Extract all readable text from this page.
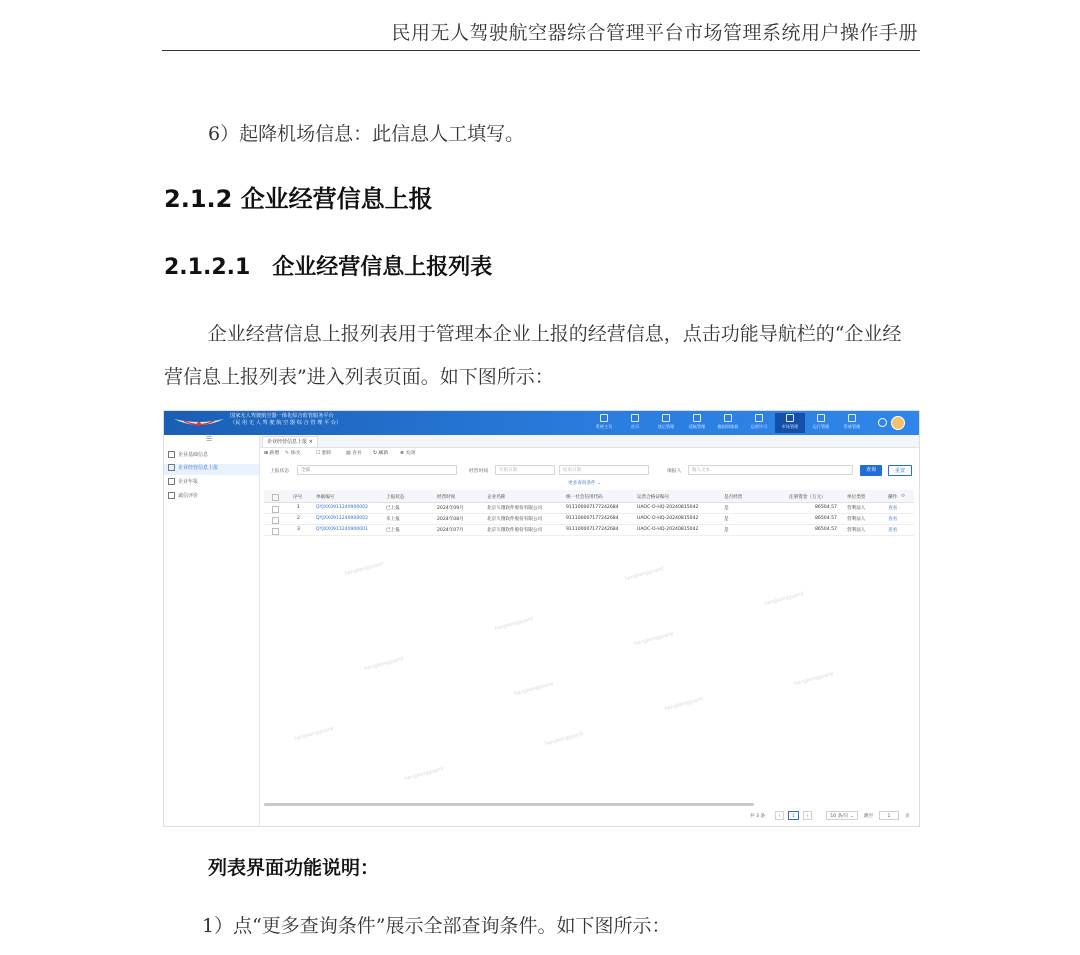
民用无人驾驶航空器综合管理平台市场管理系统用户操作手册
6）起降机场信息：此信息人工填写。
2.1.2 企业经营信息上报
2.1.2.1　企业经营信息上报列表
企业经营信息上报列表用于管理本企业上报的经营信息，点击功能导航栏的“企业经营信息上报列表”进入列表页面。如下图所示：
国家无人驾驶航空器一体化综合监管服务平台
（民 用 无 人 驾 驶 航 空 器 综 合 管 理 平 台）
系统主页	首页	登记管理	适航管理	模拟训练机	运营许可	市场管理	运行管理	系统管理
☰
企业基础信息
企业经营信息上报
企业年报
诚信评价
企业经营信息上报 ×
⊞ 新增 ✎ 修改	☐ 删除	▤ 查看 ↻ 刷新 ⊗ 关闭
上报状态	全部	经营时间	开始日期	结束日期	填报人	输入文本	查询	重置
更多查询条件 ⌄
序号	单据编号	上报状态	经营时间	企业名称	统一社会信用代码	运营合格证编号	是否经营	注册资金（万元）	单位类型	操作 ⚙
1	QYJXX0911240900002	已上报	2024年09月	北京久翔软件股份有限公司	911100007177242684	UAOC-O-HQ-20240815042	是	86504.57 营利法人	查看
2	QYJXX0911240900002	未上报	2024年08月	北京久翔软件股份有限公司	911100007177242684	UAOC-O-HQ-20240815042	是	86504.57 营利法人	查看
3	QYJXX0911240900001	已上报	2024年07月	北京久翔软件股份有限公司	911100007177242684	UAOC-O-HQ-20240815042	是	86504.57 营利法人	查看
hangkongguanli	hangkongguanli
hangkongguanli
hangkongguanli
hangkongguanli
hangkongguanli
hangkongguanli
hangkongguanli
hangkongguanli
hangkongguanli	hangkongguanli
hangkongguanli
共 3 条	‹	1	›	10 条/页 ⌄	跳至	1	页
列表界面功能说明：
1）点“更多查询条件”展示全部查询条件。如下图所示：
